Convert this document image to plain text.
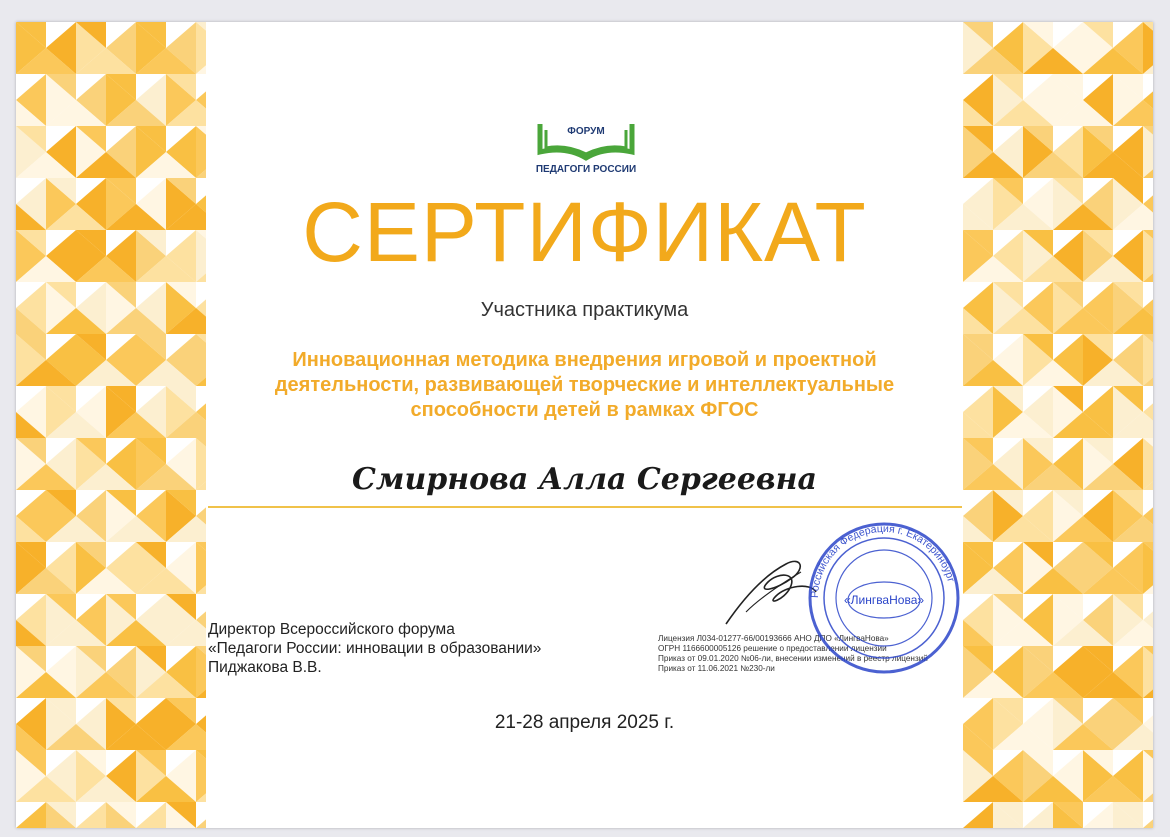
ФОРУМ
ПЕДАГОГИ РОССИИ
СЕРТИФИКАТ
Участника практикума
Инновационная методика внедрения игровой и проектной
деятельности, развивающей творческие и интеллектуальные
способности детей в рамках ФГОС
Смирнова Алла Сергеевна
Директор Всероссийского форума
«Педагоги России: инновации в образовании»
Пиджакова В.В.
Лицензия Л034-01277-66/00193666 АНО ДПО «ЛингваНова»
ОГРН 1166600005126 решение о предоставлении лицензии
Приказ от 09.01.2020 №06-ли, внесении изменений в реестр лицензий
Приказ от 11.06.2021 №230-ли
Российская Федерация г. Екатеринбург
«ЛингваНова»
21-28 апреля 2025 г.
